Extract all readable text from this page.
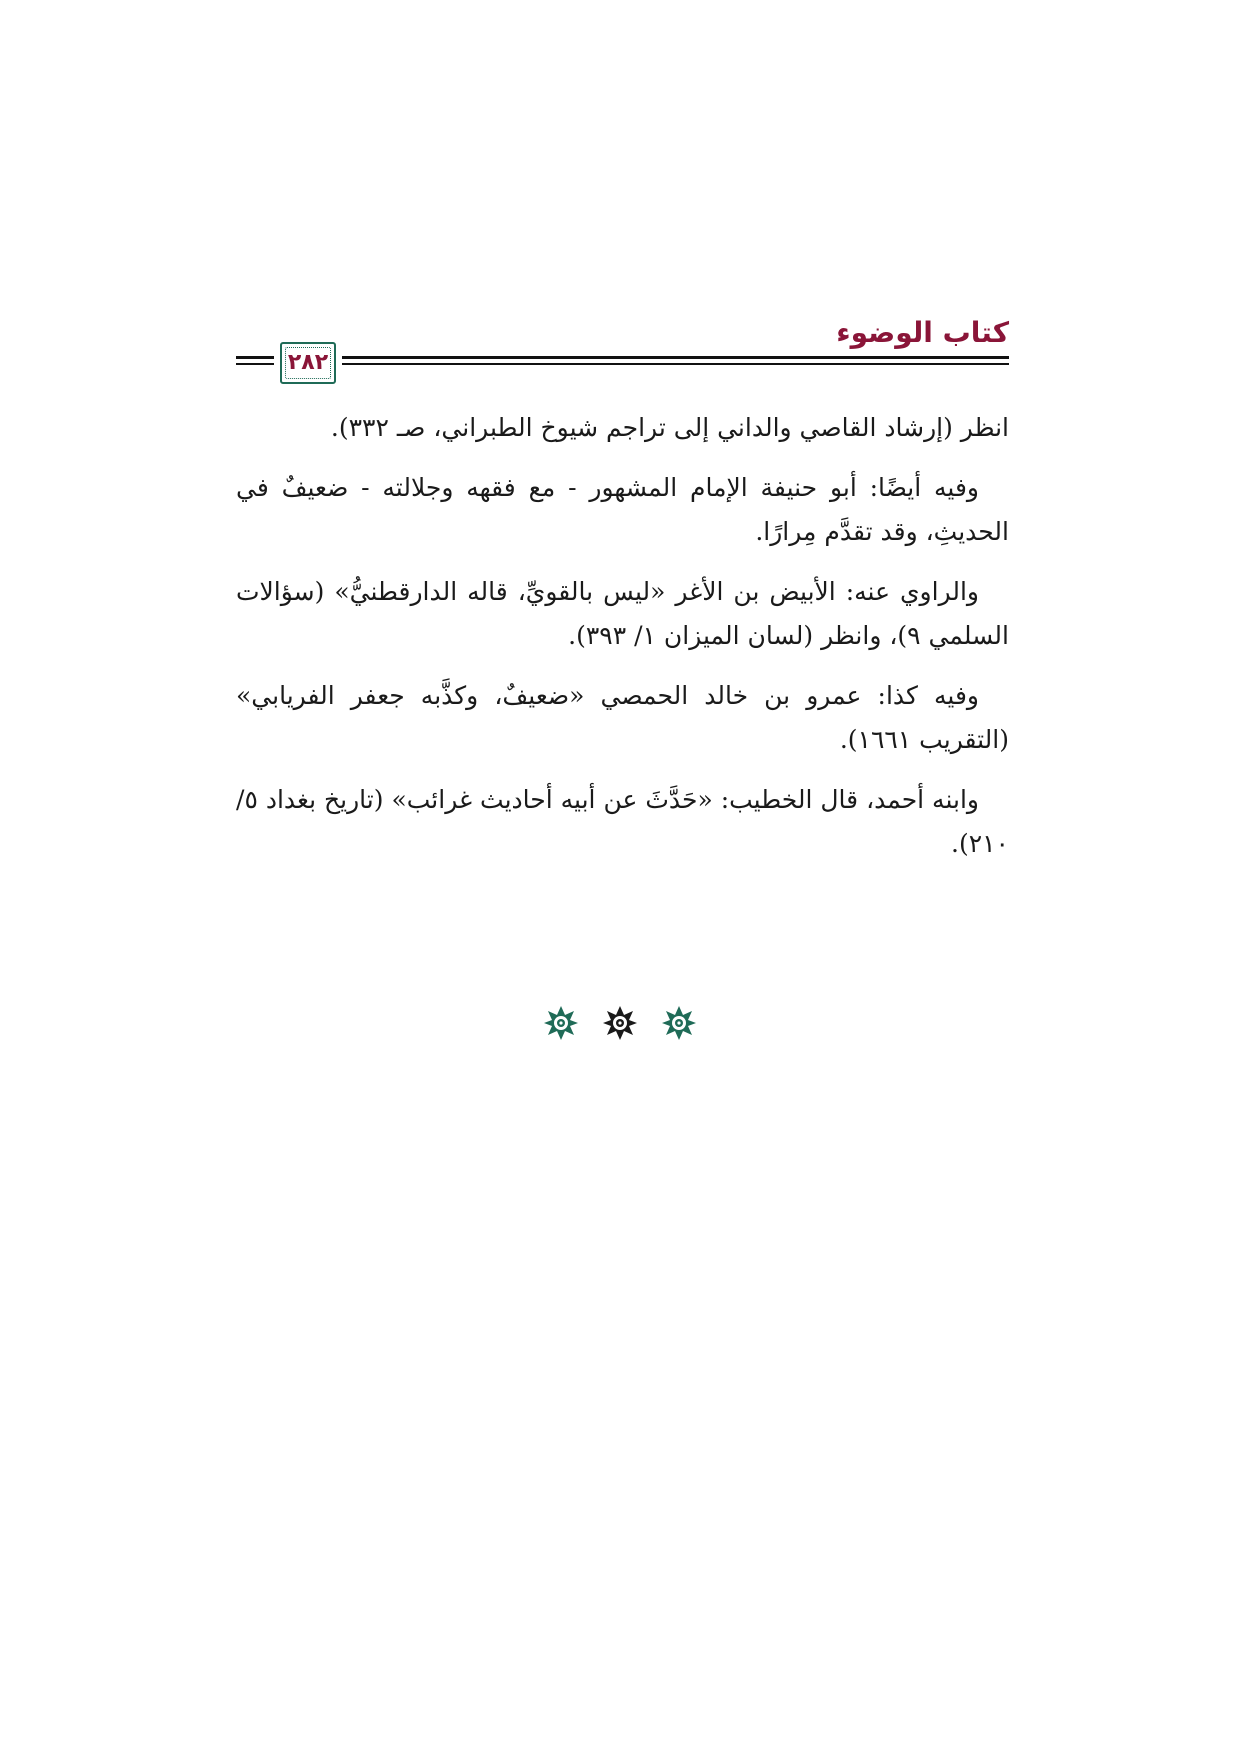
٢٨٢
كتاب الوضوء

انظر (إرشاد القاصي والداني إلى تراجم شيوخ الطبراني، صـ ٣٣٢).

وفيه أيضًا: أبو حنيفة الإمام المشهور - مع فقهه وجلالته - ضعيفٌ في الحديثِ، وقد تقدَّم مِرارًا.

والراوي عنه: الأبيض بن الأغر «ليس بالقويِّ، قاله الدارقطنيُّ» (سؤالات السلمي ٩)، وانظر (لسان الميزان ١/ ٣٩٣).

وفيه كذا: عمرو بن خالد الحمصي «ضعيفٌ، وكذَّبه جعفر الفريابي» (التقريب ١٦٦١).

وابنه أحمد، قال الخطيب: «حَدَّثَ عن أبيه أحاديث غرائب» (تاريخ بغداد ٥/ ٢١٠).
